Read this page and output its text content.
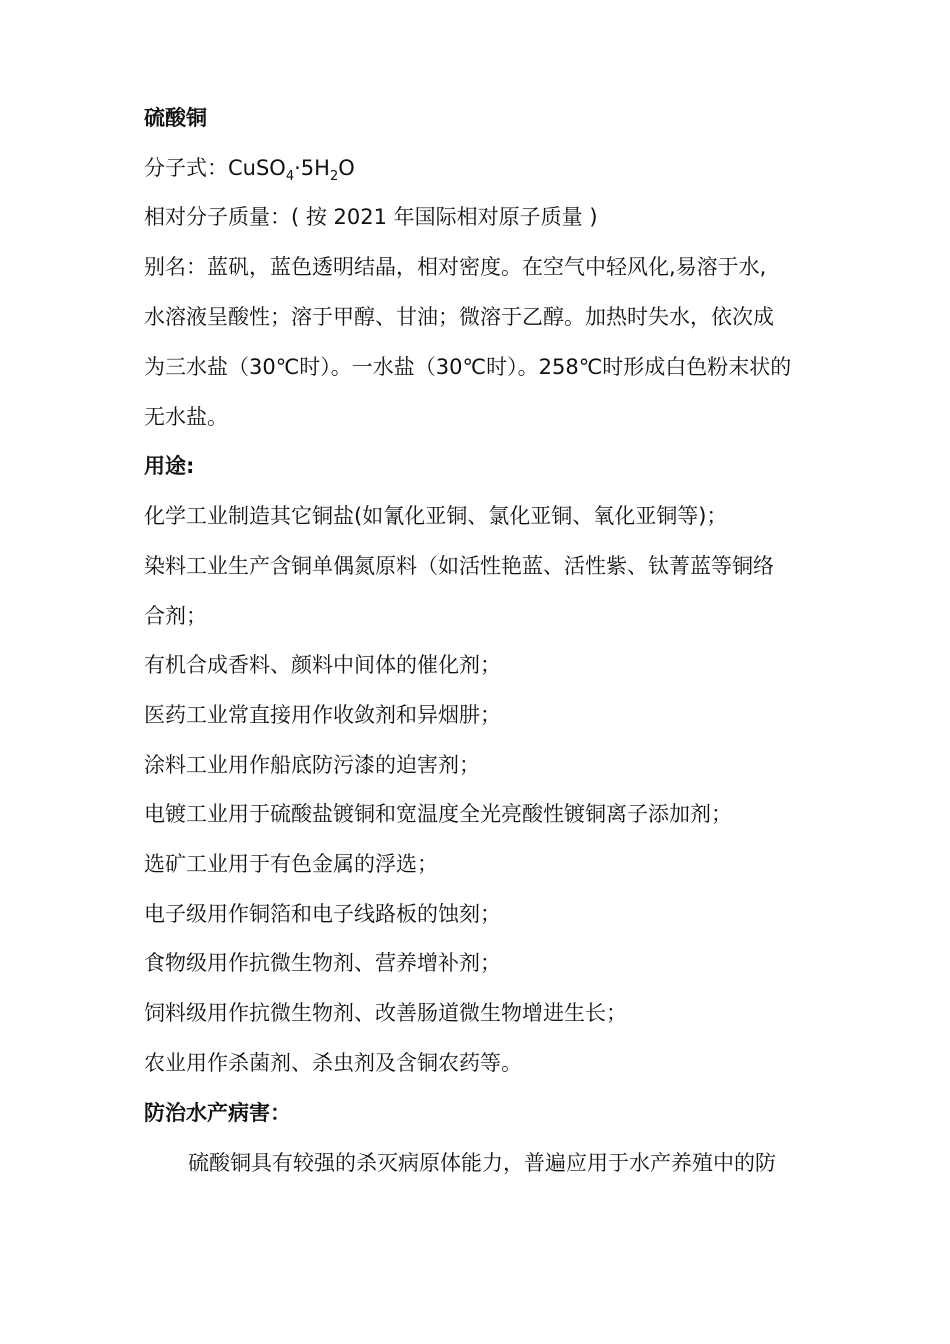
硫酸铜
分子式：$CuSO_4\cdot 5H_2O$
相对分子质量：( 按 2021 年国际相对原子质量 )
别名：蓝矾，蓝色透明结晶，相对密度。在空气中轻风化,易溶于水,
水溶液呈酸性；溶于甲醇、甘油；微溶于乙醇。加热时失水，依次成
为三水盐（30℃时）。一水盐（30℃时）。258℃时形成白色粉末状的
无水盐。
用途:
化学工业制造其它铜盐(如氰化亚铜、氯化亚铜、氧化亚铜等)；
染料工业生产含铜单偶氮原料（如活性艳蓝、活性紫、钛菁蓝等铜络
合剂；
有机合成香料、颜料中间体的催化剂；
医药工业常直接用作收敛剂和异烟肼；
涂料工业用作船底防污漆的迫害剂；
电镀工业用于硫酸盐镀铜和宽温度全光亮酸性镀铜离子添加剂；
选矿工业用于有色金属的浮选；
电子级用作铜箔和电子线路板的蚀刻；
食物级用作抗微生物剂、营养增补剂；
饲料级用作抗微生物剂、改善肠道微生物增进生长；
农业用作杀菌剂、杀虫剂及含铜农药等。
防治水产病害：
硫酸铜具有较强的杀灭病原体能力，普遍应用于水产养殖中的防
